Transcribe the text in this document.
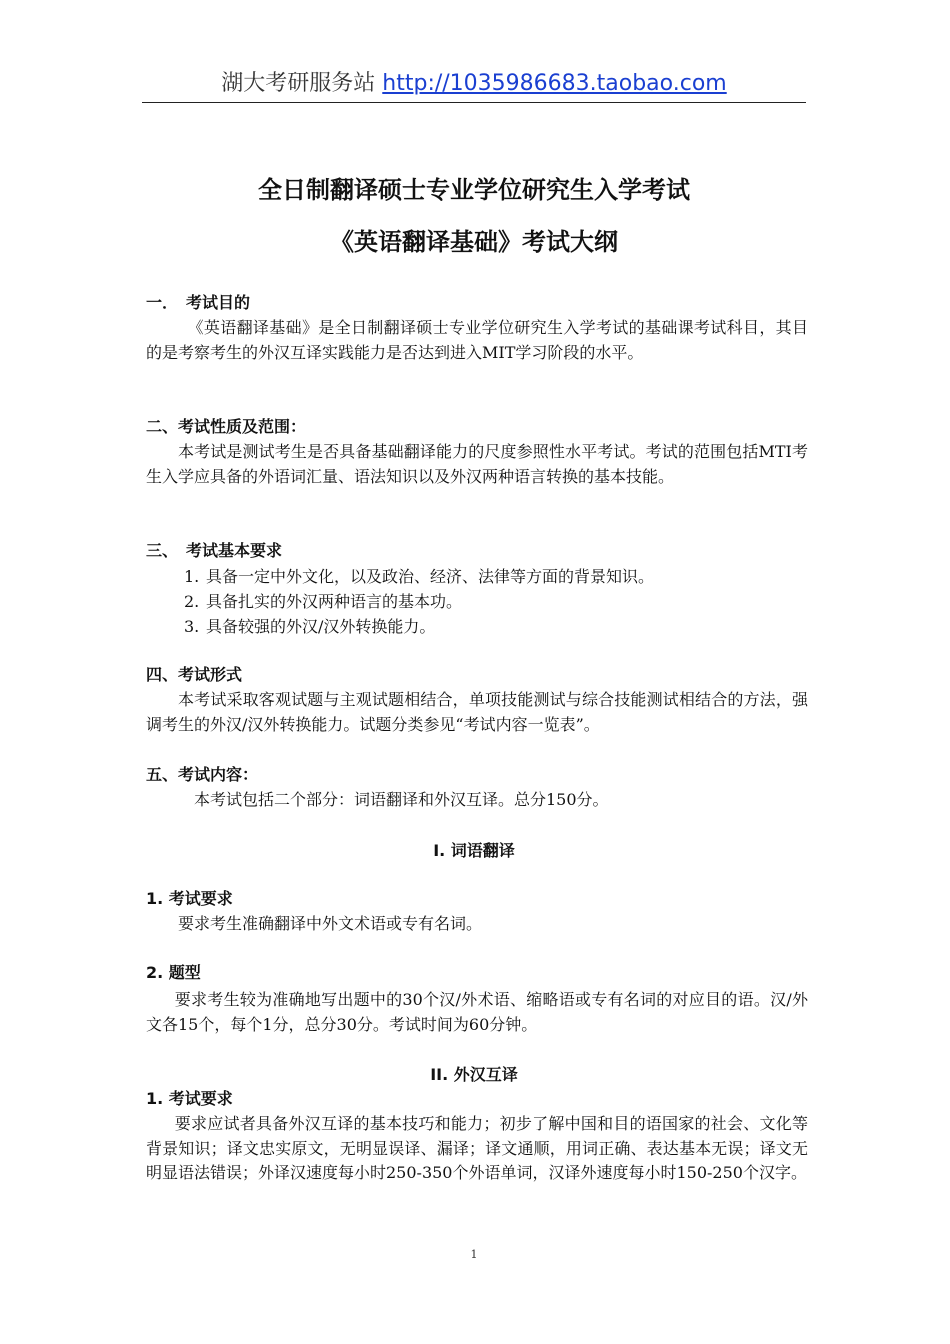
湖大考研服务站 http://1035986683.taobao.com
全日制翻译硕士专业学位研究生入学考试
《英语翻译基础》考试大纲
一． 考试目的
《英语翻译基础》是全日制翻译硕士专业学位研究生入学考试的基础课考试科目，其目的是考察考生的外汉互译实践能力是否达到进入MIT学习阶段的水平。
二、考试性质及范围：
本考试是测试考生是否具备基础翻译能力的尺度参照性水平考试。考试的范围包括MTI考生入学应具备的外语词汇量、语法知识以及外汉两种语言转换的基本技能。
三、 考试基本要求
1. 具备一定中外文化，以及政治、经济、法律等方面的背景知识。
2. 具备扎实的外汉两种语言的基本功。
3. 具备较强的外汉/汉外转换能力。
四、考试形式
本考试采取客观试题与主观试题相结合，单项技能测试与综合技能测试相结合的方法，强调考生的外汉/汉外转换能力。试题分类参见“考试内容一览表”。
五、考试内容：
本考试包括二个部分：词语翻译和外汉互译。总分150分。
I. 词语翻译
1. 考试要求
要求考生准确翻译中外文术语或专有名词。
2. 题型
要求考生较为准确地写出题中的30个汉/外术语、缩略语或专有名词的对应目的语。汉/外文各15个，每个1分，总分30分。考试时间为60分钟。
II. 外汉互译
1. 考试要求
要求应试者具备外汉互译的基本技巧和能力；初步了解中国和目的语国家的社会、文化等背景知识；译文忠实原文，无明显误译、漏译；译文通顺，用词正确、表达基本无误；译文无明显语法错误；外译汉速度每小时250-350个外语单词，汉译外速度每小时150-250个汉字。
1
